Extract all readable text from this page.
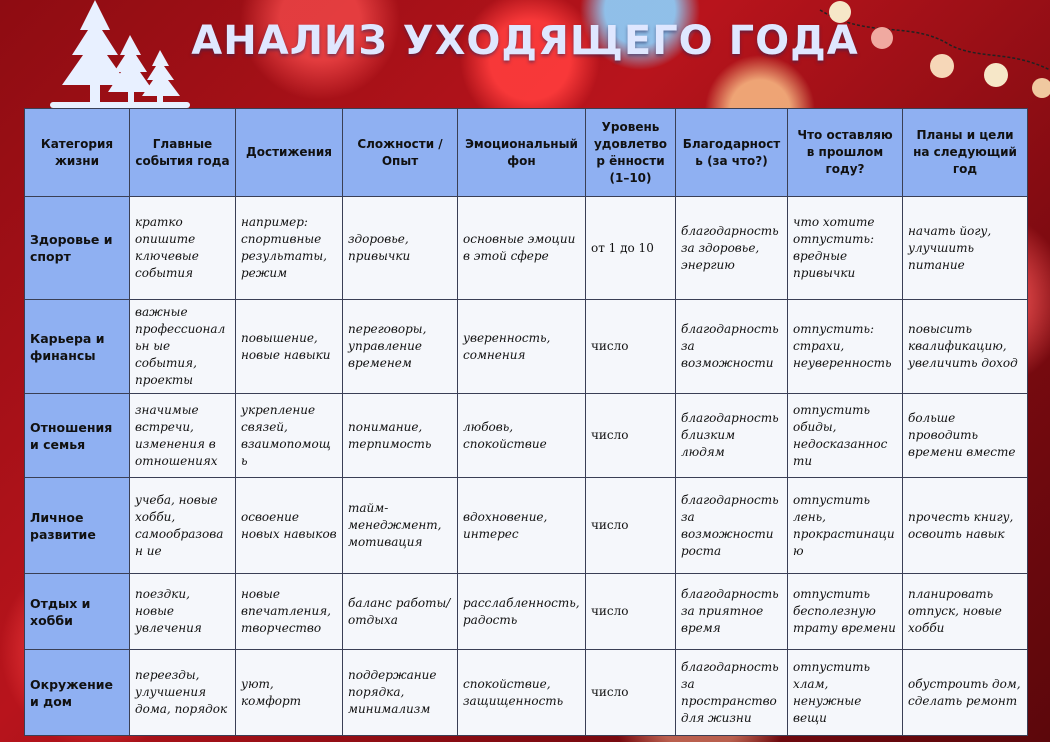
АНАЛИЗ УХОДЯЩЕГО ГОДА
Категория жизни	Главные события года	Достижения	Сложности / Опыт	Эмоциональный фон	Уровень удовлетвор ённости (1–10)	Благодарность (за что?)	Что оставляю в прошлом году?	Планы и цели на следующий год
Здоровье и спорт	кратко опишите ключевые события	например: спортивные результаты, режим	здоровье, привычки	основные эмоции в этой сфере	от 1 до 10	благодарность за здоровье, энергию	что хотите отпустить: вредные привычки	начать йогу, улучшить питание
Карьера и финансы	важные профессиональн ые события, проекты	повышение, новые навыки	переговоры, управление временем	уверенность, сомнения	число	благодарность за возможности	отпустить: страхи, неуверенность	повысить квалификацию, увеличить доход
Отношения и семья	значимые встречи, изменения в отношениях	укрепление связей, взаимопомощь	понимание, терпимость	любовь, спокойствие	число	благодарность близким людям	отпустить обиды, недосказанности	больше проводить времени вместе
Личное развитие	учеба, новые хобби, самообразован ие	освоение новых навыков	тайм-менеджмент, мотивация	вдохновение, интерес	число	благодарность за возможности роста	отпустить лень, прокрастинацию	прочесть книгу, освоить навык
Отдых и хобби	поездки, новые увлечения	новые впечатления, творчество	баланс работы/отдыха	расслабленность, радость	число	благодарность за приятное время	отпустить бесполезную трату времени	планировать отпуск, новые хобби
Окружение и дом	переезды, улучшения дома, порядок	уют, комфорт	поддержание порядка, минимализм	спокойствие, защищенность	число	благодарность за пространство для жизни	отпустить хлам, ненужные вещи	обустроить дом, сделать ремонт
